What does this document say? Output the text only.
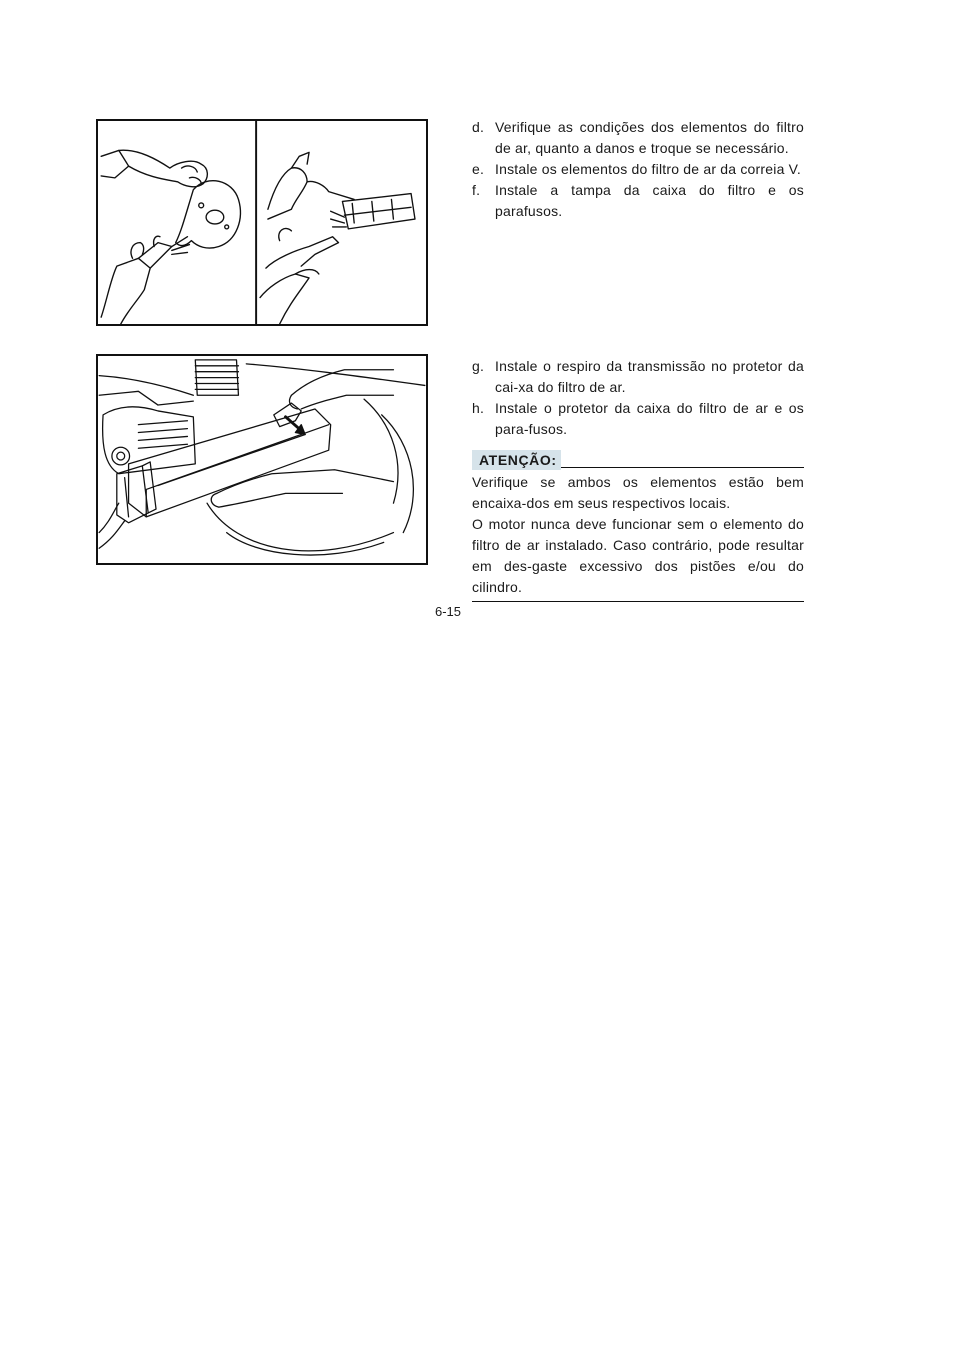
d. Verifique as condições dos elementos do filtro de ar, quanto a danos e troque se necessário.
e. Instale os elementos do filtro de ar da correia V.
f. Instale a tampa da caixa do filtro e os parafusos.
g. Instale o respiro da transmissão no protetor da cai-xa do filtro de ar.
h. Instale o protetor da caixa do filtro de ar e os para-fusos.
ATENÇÃO:

Verifique se ambos os elementos estão bem encaixa-dos em seus respectivos locais.

O motor nunca deve funcionar sem o elemento do filtro de ar instalado. Caso contrário, pode resultar em des-gaste excessivo dos pistões e/ou do cilindro.

6-15
